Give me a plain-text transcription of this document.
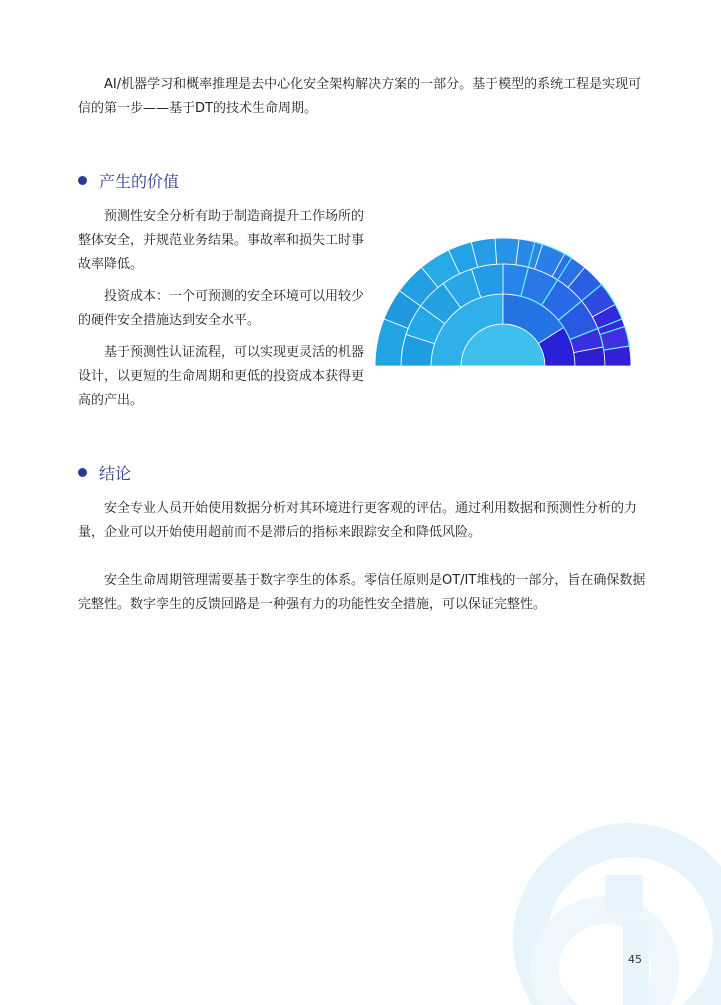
AI/机器学习和概率推理是去中心化安全架构解决方案的一部分。基于模型的系统工程是实现可信的第一步——基于DT的技术生命周期。

产生的价值

预测性安全分析有助于制造商提升工作场所的整体安全，并规范业务结果。事故率和损失工时事故率降低。

投资成本：一个可预测的安全环境可以用较少的硬件安全措施达到安全水平。

基于预测性认证流程，可以实现更灵活的机器设计，以更短的生命周期和更低的投资成本获得更高的产出。

结论

安全专业人员开始使用数据分析对其环境进行更客观的评估。通过利用数据和预测性分析的力量，企业可以开始使用超前而不是滞后的指标来跟踪安全和降低风险。

安全生命周期管理需要基于数字孪生的体系。零信任原则是OT/IT堆栈的一部分，旨在确保数据完整性。数字孪生的反馈回路是一种强有力的功能性安全措施，可以保证完整性。

45
